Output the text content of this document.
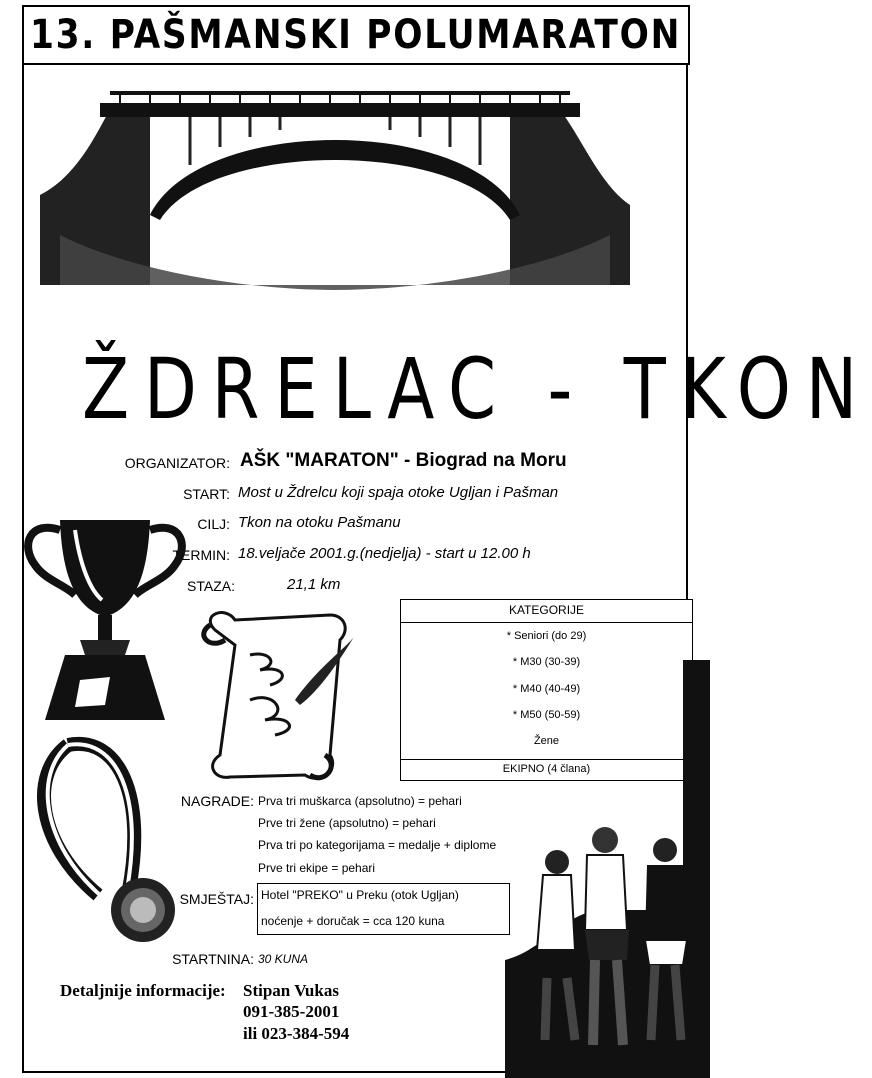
13. PAŠMANSKI POLUMARATON
ŽDRELAC - TKON
ORGANIZATOR: AŠK "MARATON" - Biograd na Moru
START: Most u Ždrelcu koji spaja otoke Ugljan i Pašman
CILJ: Tkon na otoku Pašmanu
TERMIN: 18.veljače 2001.g.(nedjelja) - start u 12.00 h
STAZA:	21,1 km
KATEGORIJE
* Seniori (do 29)
* M30 (30-39)
* M40 (40-49)
* M50 (50-59)
Žene
EKIPNO (4 člana)
NAGRADE: Prva tri muškarca (apsolutno) = pehari
Prve tri žene (apsolutno) = pehari
Prva tri po kategorijama = medalje + diplome
Prve tri ekipe = pehari
SMJEŠTAJ: Hotel "PREKO" u Preku (otok Ugljan)
noćenje + doručak = cca 120 kuna
STARTNINA: 30 KUNA
Detaljnije informacije: Stipan Vukas
091-385-2001
ili 023-384-594
